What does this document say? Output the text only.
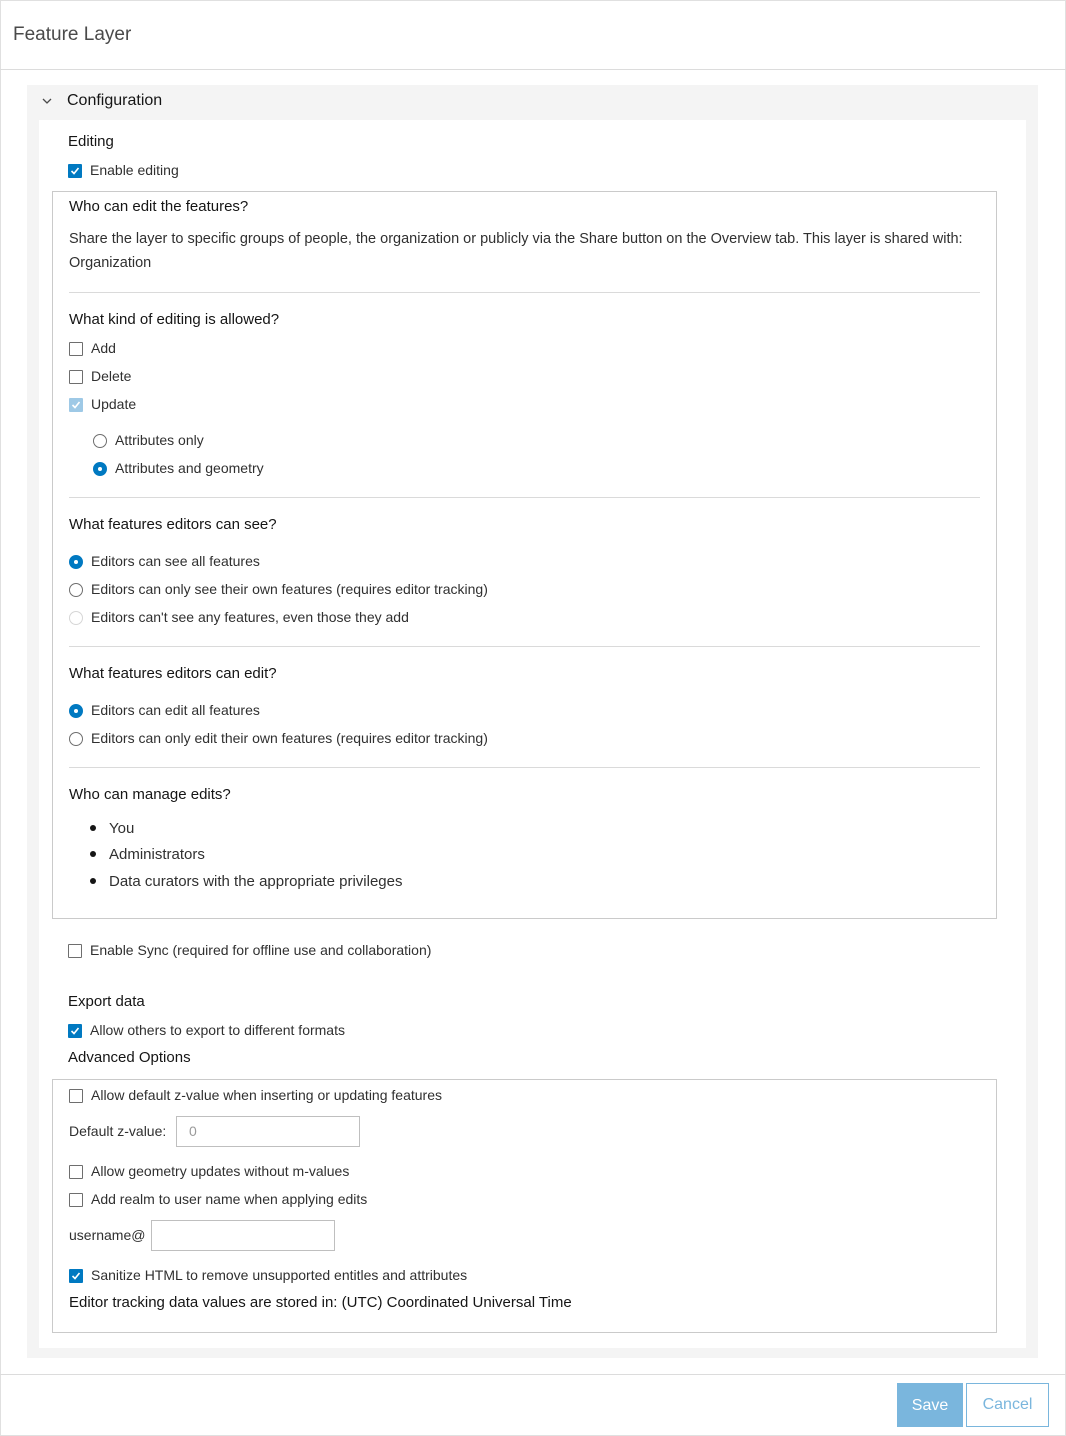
Feature Layer
Configuration
Editing
Enable editing
Who can edit the features?
Share the layer to specific groups of people, the organization or publicly via the Share button on the Overview tab. This layer is shared with: Organization
What kind of editing is allowed?
Add
Delete
Update
Attributes only
Attributes and geometry
What features editors can see?
Editors can see all features
Editors can only see their own features (requires editor tracking)
Editors can't see any features, even those they add
What features editors can edit?
Editors can edit all features
Editors can only edit their own features (requires editor tracking)
Who can manage edits?
You
Administrators
Data curators with the appropriate privileges
Enable Sync (required for offline use and collaboration)
Export data
Allow others to export to different formats
Advanced Options
Allow default z-value when inserting or updating features
Default z-value:	0
Allow geometry updates without m-values
Add realm to user name when applying edits
username@
Sanitize HTML to remove unsupported entitles and attributes
Editor tracking data values are stored in: (UTC) Coordinated Universal Time
Save	Cancel
